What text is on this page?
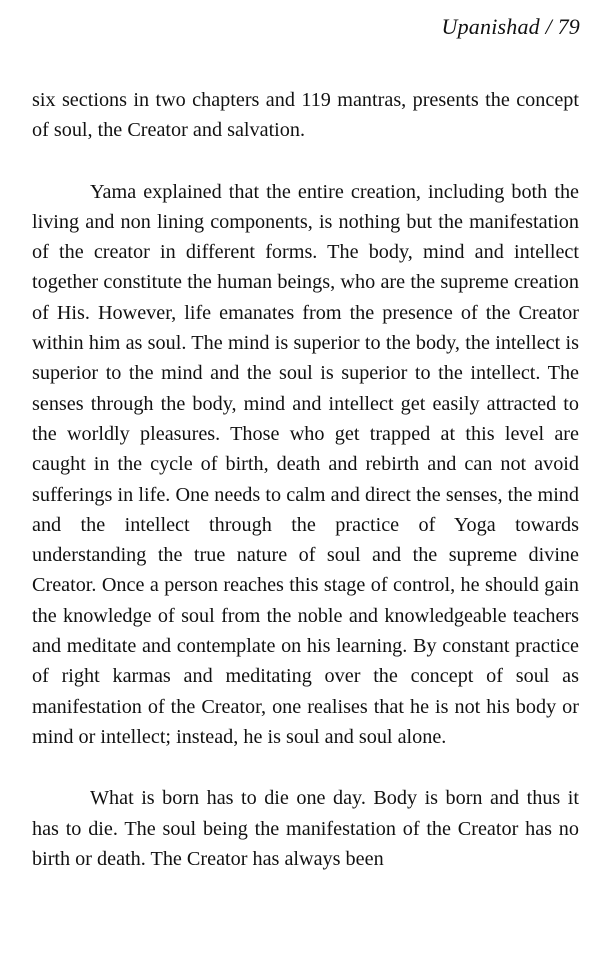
Upanishad / 79

six sections in two chapters and 119 mantras, presents the concept of soul, the Creator and salvation.

Yama explained that the entire creation, including both the living and non lining components, is nothing but the manifestation of the creator in different forms. The body, mind and intellect together constitute the human beings, who are the supreme creation of His. However, life emanates from the presence of the Creator within him as soul. The mind is superior to the body, the intellect is superior to the mind and the soul is superior to the intellect. The senses through the body, mind and intellect get easily attracted to the worldly pleasures. Those who get trapped at this level are caught in the cycle of birth, death and rebirth and can not avoid sufferings in life. One needs to calm and direct the senses, the mind and the intellect through the practice of Yoga towards understanding the true nature of soul and the supreme divine Creator. Once a person reaches this stage of control, he should gain the knowledge of soul from the noble and knowledgeable teachers and meditate and contemplate on his learning. By constant practice of right karmas and meditating over the concept of soul as manifestation of the Creator, one realises that he is not his body or mind or intellect; instead, he is soul and soul alone.

What is born has to die one day. Body is born and thus it has to die. The soul being the manifestation of the Creator has no birth or death. The Creator has always been
